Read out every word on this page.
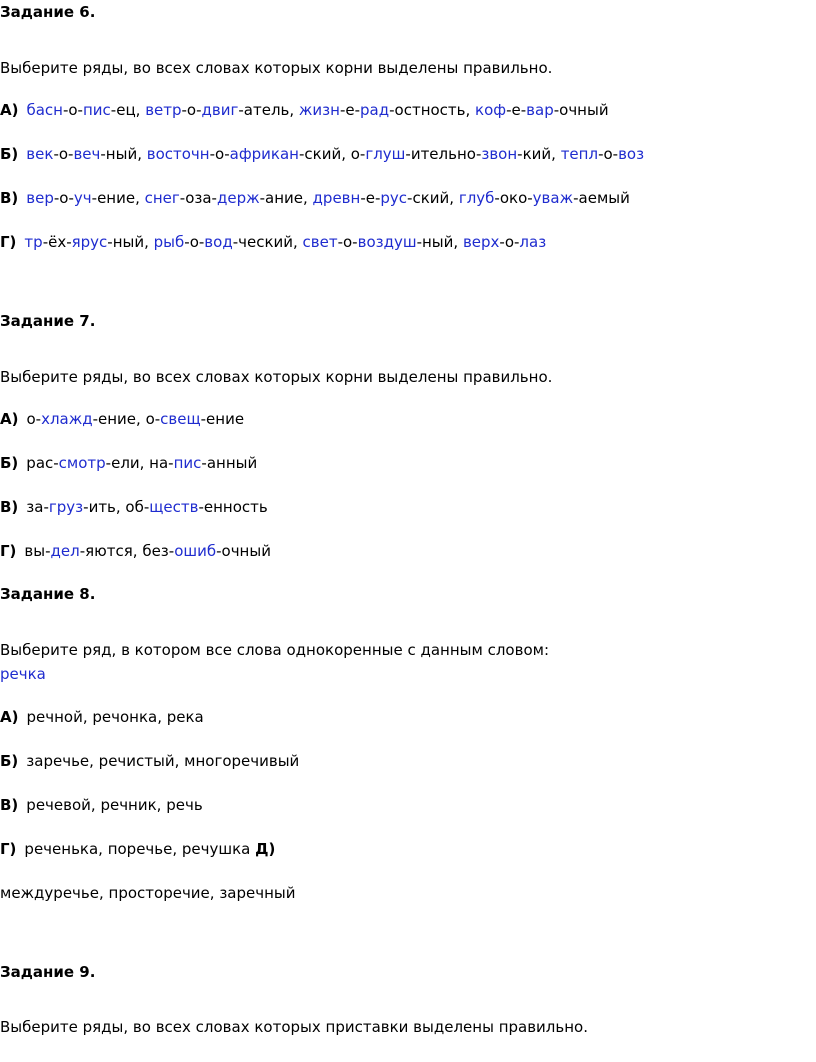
Задание 6.
Выберите ряды, во всех словах которых корни выделены правильно.
А) басн-о-пис-ец, ветр-о-двиг-атель, жизн-е-рад-остность, коф-е-вар-очный
Б) век-о-веч-ный, восточн-о-африкан-ский, о-глуш-ительно-звон-кий, тепл-о-воз
В) вер-о-уч-ение, снег-оза-держ-ание, древн-е-рус-ский, глуб-око-уваж-аемый
Г) тр-ёх-ярус-ный, рыб-о-вод-ческий, свет-о-воздуш-ный, верх-о-лаз
Задание 7.
Выберите ряды, во всех словах которых корни выделены правильно.
А) о-хлажд-ение, о-свещ-ение
Б) рас-смотр-ели, на-пис-анный
В) за-груз-ить, об-ществ-енность
Г) вы-дел-яются, без-ошиб-очный
Задание 8.
Выберите ряд, в котором все слова однокоренные с данным словом:
речка
А) речной, речонка, река
Б) заречье, речистый, многоречивый
В) речевой, речник, речь
Г) реченька, поречье, речушка Д)
междуречье, просторечие, заречный
Задание 9.
Выберите ряды, во всех словах которых приставки выделены правильно.
